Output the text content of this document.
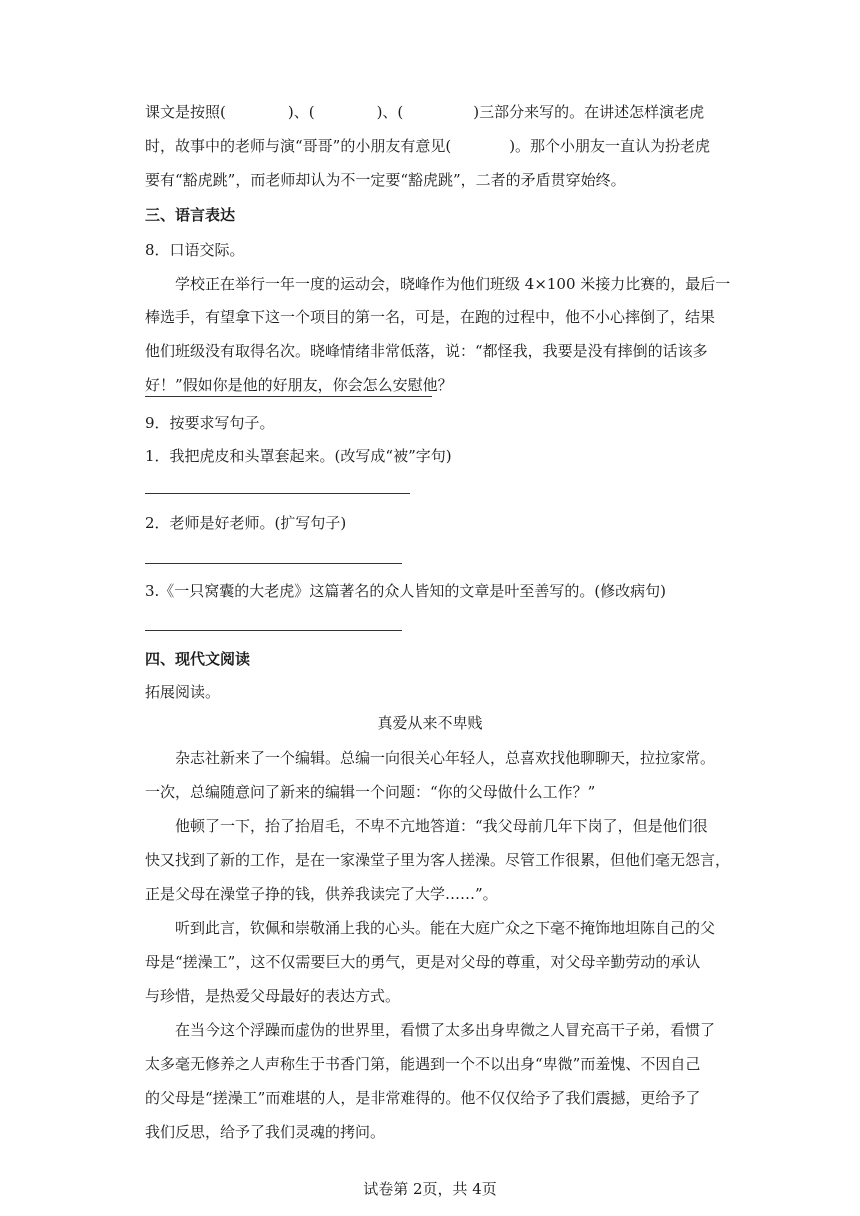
课文是按照(	)、(	)、(	)三部分来写的。在讲述怎样演老虎
时，故事中的老师与演“哥哥”的小朋友有意见(	)。那个小朋友一直认为扮老虎
要有“豁虎跳”，而老师却认为不一定要“豁虎跳”，二者的矛盾贯穿始终。
三、语言表达
8．口语交际。
学校正在举行一年一度的运动会，晓峰作为他们班级 4×100 米接力比赛的，最后一
棒选手，有望拿下这一个项目的第一名，可是，在跑的过程中，他不小心摔倒了，结果
他们班级没有取得名次。晓峰情绪非常低落，说：“都怪我，我要是没有摔倒的话该多
好！”假如你是他的好朋友，你会怎么安慰他？
9．按要求写句子。
1．我把虎皮和头罩套起来。(改写成“被”字句)
2．老师是好老师。(扩写句子)
3.《一只窝囊的大老虎》这篇著名的众人皆知的文章是叶至善写的。(修改病句)
四、现代文阅读
拓展阅读。
真爱从来不卑贱
杂志社新来了一个编辑。总编一向很关心年轻人，总喜欢找他聊聊天，拉拉家常。
一次，总编随意问了新来的编辑一个问题：“你的父母做什么工作？”
他顿了一下，抬了抬眉毛，不卑不亢地答道：“我父母前几年下岗了，但是他们很
快又找到了新的工作，是在一家澡堂子里为客人搓澡。尽管工作很累，但他们毫无怨言，
正是父母在澡堂子挣的钱，供养我读完了大学……”。
听到此言，钦佩和崇敬涌上我的心头。能在大庭广众之下毫不掩饰地坦陈自己的父
母是“搓澡工”，这不仅需要巨大的勇气，更是对父母的尊重，对父母辛勤劳动的承认
与珍惜，是热爱父母最好的表达方式。
在当今这个浮躁而虚伪的世界里，看惯了太多出身卑微之人冒充高干子弟，看惯了
太多毫无修养之人声称生于书香门第，能遇到一个不以出身“卑微”而羞愧、不因自己
的父母是“搓澡工”而难堪的人，是非常难得的。他不仅仅给予了我们震撼，更给予了
我们反思，给予了我们灵魂的拷问。
试卷第 2页，共 4页
